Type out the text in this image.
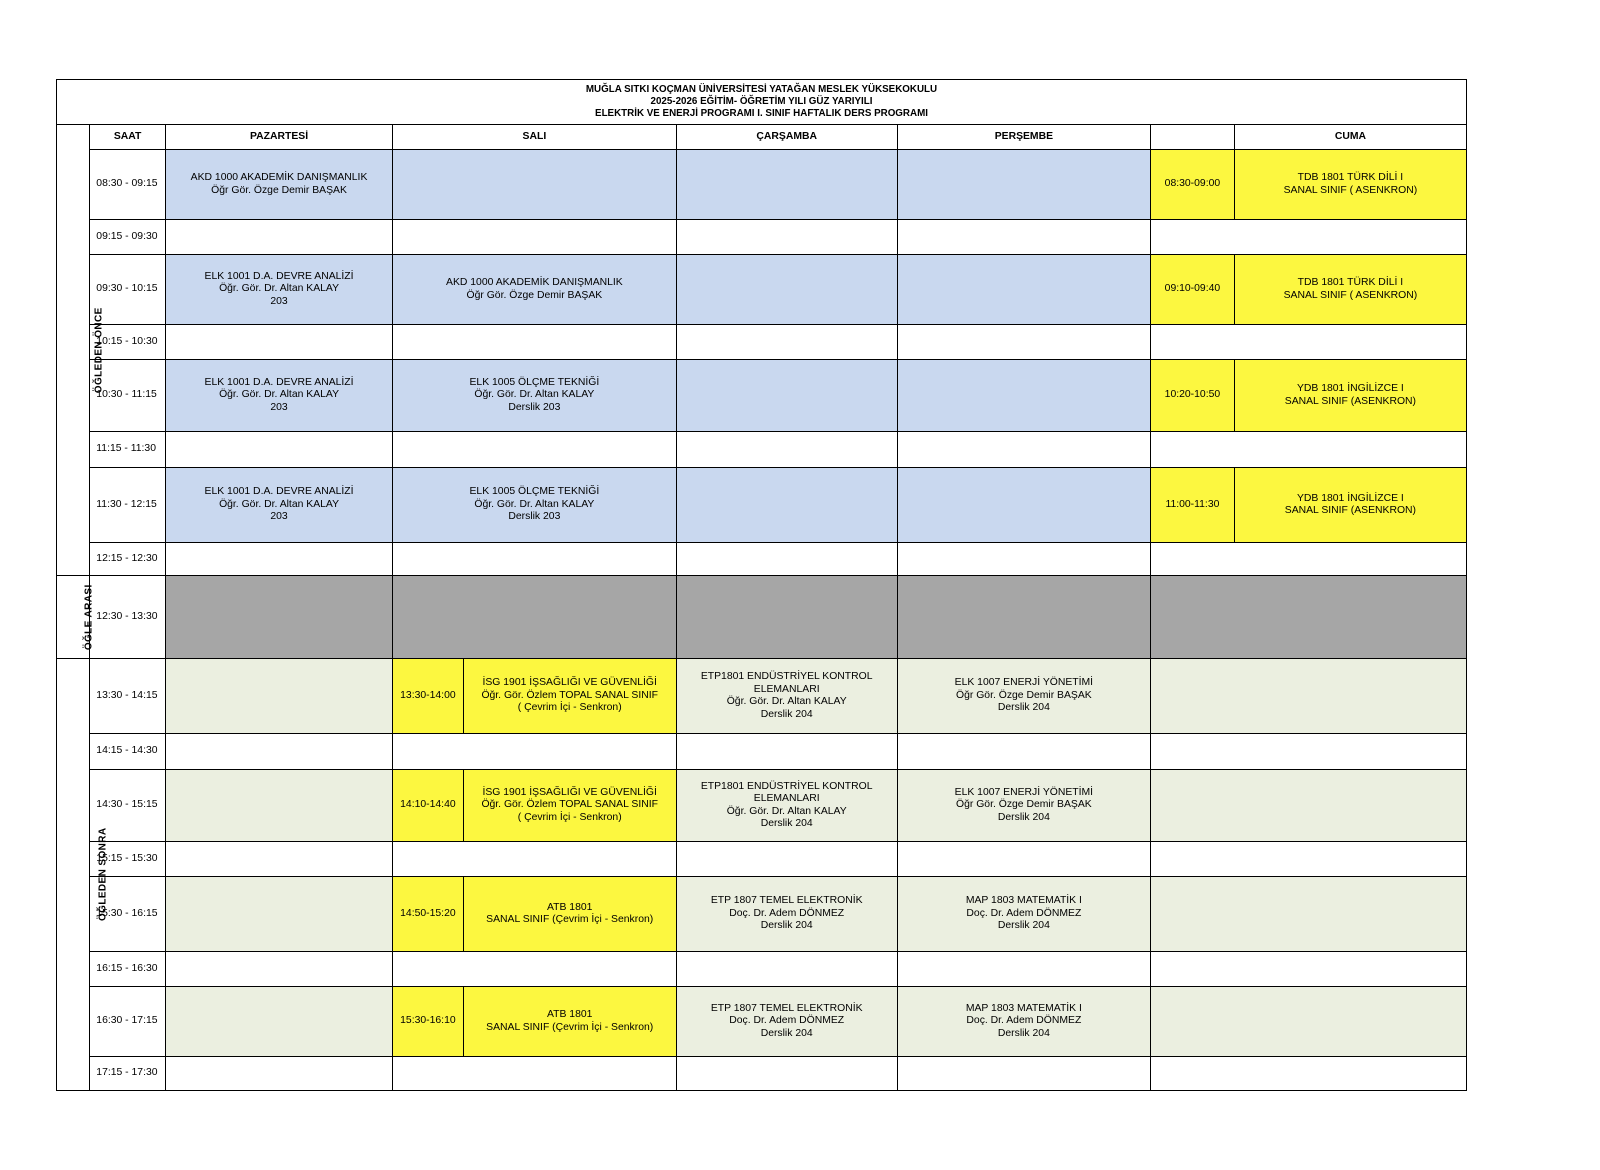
MUĞLA SITKI KOÇMAN ÜNİVERSİTESİ YATAĞAN MESLEK YÜKSEKOKULU
2025-2026 EĞİTİM- ÖĞRETİM YILI GÜZ YARIYILI
ELEKTRİK VE ENERJİ PROGRAMI I. SINIF HAFTALIK DERS PROGRAMI								

ÖĞLEDEN ÖNCE	SAAT	PAZARTESİ	SALI		ÇARŞAMBA	PERŞEMBE		CUMA
	08:30 - 09:15	AKD 1000 AKADEMİK DANIŞMANLIK
Öğr Gör. Özge Demir BAŞAK					08:30-09:00	TDB 1801 TÜRK DİLİ I
SANAL SINIF ( ASENKRON)

	09:15 - 09:30							
	09:30 - 10:15	ELK 1001 D.A. DEVRE ANALİZİ
Öğr. Gör. Dr. Altan KALAY
203	AKD 1000 AKADEMİK DANIŞMANLIK
Öğr Gör. Özge Demir BAŞAK				09:10-09:40	TDB 1801 TÜRK DİLİ I
SANAL SINIF ( ASENKRON)

	10:15 - 10:30							
	10:30 - 11:15	ELK 1001 D.A. DEVRE ANALİZİ
Öğr. Gör. Dr. Altan KALAY
203	ELK 1005 ÖLÇME TEKNİĞİ
Öğr. Gör. Dr. Altan KALAY
Derslik 203				10:20-10:50	YDB 1801 İNGİLİZCE I
SANAL SINIF (ASENKRON)

	11:15 - 11:30							
	11:30 - 12:15	ELK 1001 D.A. DEVRE ANALİZİ
Öğr. Gör. Dr. Altan KALAY
203	ELK 1005 ÖLÇME TEKNİĞİ
Öğr. Gör. Dr. Altan KALAY
Derslik 203				11:00-11:30	YDB 1801 İNGİLİZCE I
SANAL SINIF (ASENKRON)

	12:15 - 12:30							
ÖĞLE ARASI	12:30 - 13:30							
ÖĞLEDEN SONRA	13:30 - 14:15		13:30-14:00	İSG 1901 İŞSAĞLIĞI VE GÜVENLİĞİ
Öğr. Gör. Özlem TOPAL SANAL SINIF
( Çevrim İçi - Senkron)	ETP1801 ENDÜSTRİYEL KONTROL
ELEMANLARI
Öğr. Gör. Dr. Altan KALAY
Derslik 204	ELK 1007 ENERJİ YÖNETİMİ
Öğr Gör. Özge Demir BAŞAK
Derslik 204		

	14:15 - 14:30							
	14:30 - 15:15		14:10-14:40	İSG 1901 İŞSAĞLIĞI VE GÜVENLİĞİ
Öğr. Gör. Özlem TOPAL SANAL SINIF
( Çevrim İçi - Senkron)	ETP1801 ENDÜSTRİYEL KONTROL
ELEMANLARI
Öğr. Gör. Dr. Altan KALAY
Derslik 204	ELK 1007 ENERJİ YÖNETİMİ
Öğr Gör. Özge Demir BAŞAK
Derslik 204		

	15:15 - 15:30							
	15:30 - 16:15		14:50-15:20	ATB 1801
SANAL SINIF (Çevrim İçi - Senkron)	ETP 1807 TEMEL ELEKTRONİK
Doç. Dr. Adem DÖNMEZ
Derslik 204	MAP 1803 MATEMATİK I
Doç. Dr. Adem DÖNMEZ
Derslik 204		

	16:15 - 16:30							
	16:30 - 17:15		15:30-16:10	ATB 1801
SANAL SINIF (Çevrim İçi - Senkron)	ETP 1807 TEMEL ELEKTRONİK
Doç. Dr. Adem DÖNMEZ
Derslik 204	MAP 1803 MATEMATİK I
Doç. Dr. Adem DÖNMEZ
Derslik 204		

	17:15 - 17:30							
